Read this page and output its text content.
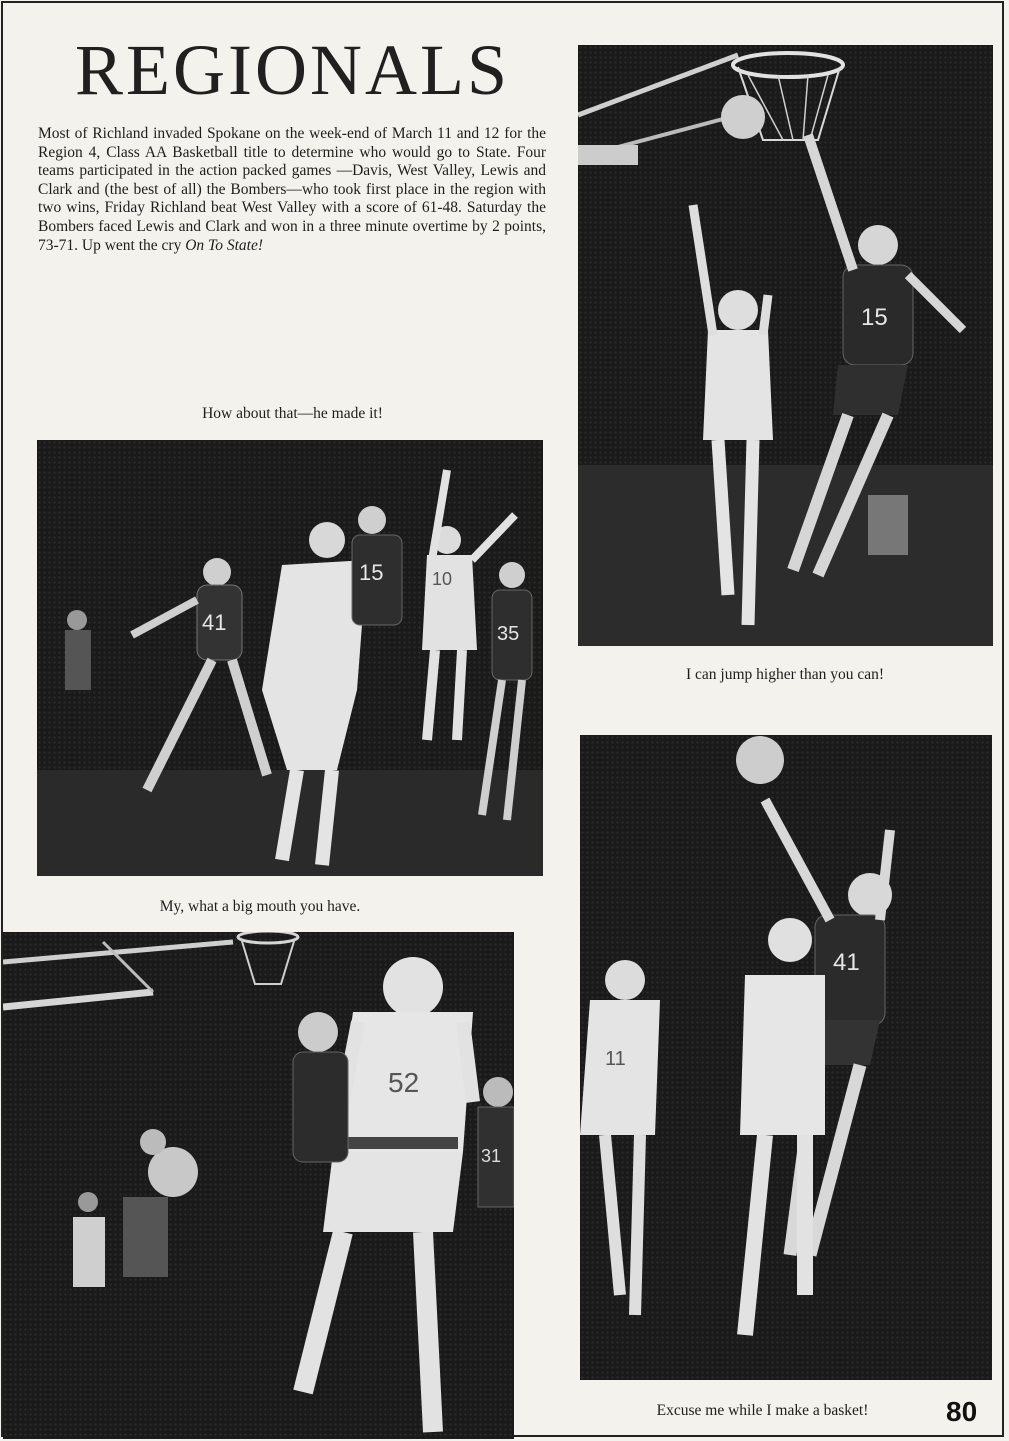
REGIONALS

Most of Richland invaded Spokane on the week-end of March 11 and 12 for the Region 4, Class AA Basketball title to determine who would go to State. Four teams participated in the action packed games —Davis, West Valley, Lewis and Clark and (the best of all) the Bombers—who took first place in the region with two wins, Friday Richland beat West Valley with a score of 61-48. Saturday the Bombers faced Lewis and Clark and won in a three minute overtime by 2 points, 73-71. Up went the cry On To State!

How about that—he made it!

41
15	10
35
15

I can jump higher than you can!

My, what a big mouth you have.

52
31
41
11

Excuse me while I make a basket!	80
